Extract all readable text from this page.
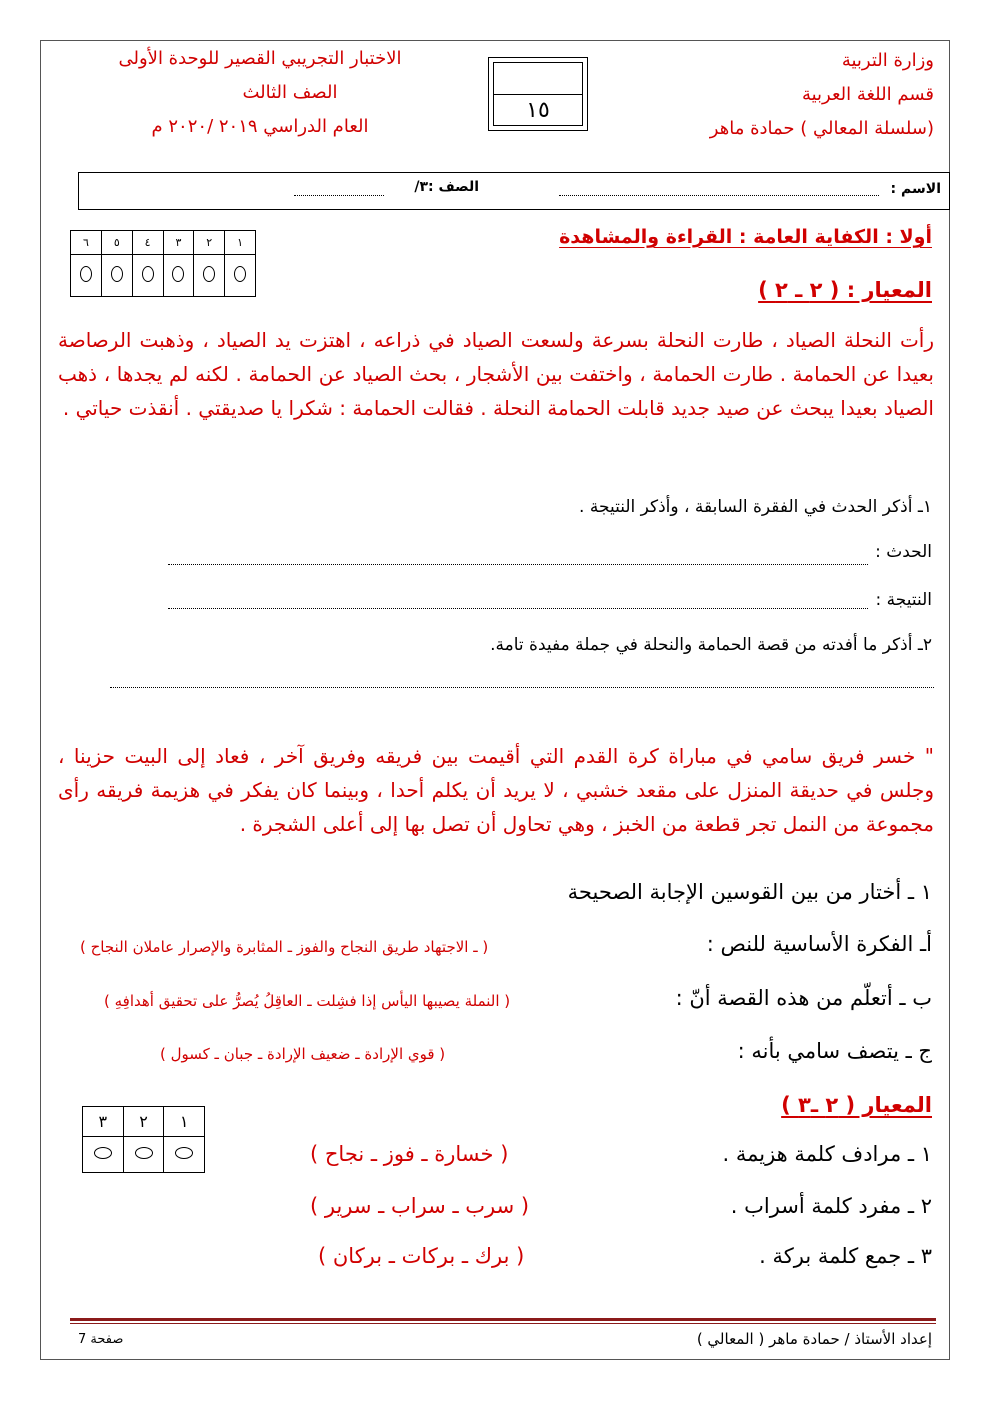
وزارة التربية
قسم اللغة العربية
(سلسلة المعالي ) حمادة ماهر
الاختبار التجريبي القصير للوحدة الأولى
الصف الثالث
العام الدراسي ٢٠١٩ /٢٠٢٠ م
١٥
الاسم :
الصف :٣/
أولا : الكفاية العامة : القراءة والمشاهدة
١	٢	٣	٤	٥	٦

المعيار : ( ٢ ـ ٢ )
رأت النحلة الصياد ، طارت النحلة بسرعة ولسعت الصياد في ذراعه ، اهتزت يد الصياد ، وذهبت الرصاصة بعيدا عن الحمامة . طارت الحمامة ، واختفت بين الأشجار ، بحث الصياد عن الحمامة . لكنه لم يجدها ، ذهب الصياد بعيدا يبحث عن صيد جديد قابلت الحمامة النحلة . فقالت الحمامة : شكرا يا صديقتي . أنقذت حياتي .
١ـ أذكر الحدث في الفقرة السابقة ، وأذكر النتيجة .
الحدث :
النتيجة :
٢ـ أذكر ما أفدته من قصة الحمامة والنحلة في جملة مفيدة تامة.
" خسر فريق سامي في مباراة كرة القدم التي أقيمت بين فريقه وفريق آخر ، فعاد إلى البيت حزينا ، وجلس في حديقة المنزل على مقعد خشبي ، لا يريد أن يكلم أحدا ، وبينما كان يفكر في هزيمة فريقه رأى مجموعة من النمل تجر قطعة من الخبز ، وهي تحاول أن تصل بها إلى أعلى الشجرة .
١ ـ أختار من بين القوسين الإجابة الصحيحة
أـ الفكرة الأساسية للنص :
( ـ الاجتهاد طريق النجاح والفوز ـ المثابرة والإصرار عاملان النجاح )
ب ـ أتعلّم من هذه القصة أنّ :
( النملة يصيبها اليأس إذا فشِلت ـ العاقِلُ يُصرُّ على تحقيق أهدافِهِ )
ج ـ يتصف سامي بأنه :
( قوي الإرادة ـ ضعيف الإرادة ـ جبان ـ كسول )
المعيار ( ٢ ـ٣ )
١	٢	٣

١ ـ مرادف كلمة هزيمة .
( خسارة ـ فوز ـ نجاح )
٢ ـ مفرد كلمة أسراب .
( سرب ـ سراب ـ سرير )
٣ ـ جمع كلمة بركة .
( برك ـ بركات ـ بركان )
إعداد الأستاذ / حمادة ماهر ( المعالي )
صفحة 7
